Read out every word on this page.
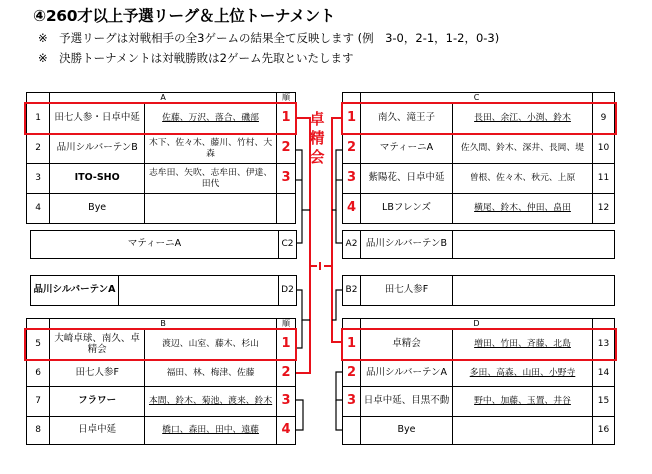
④260才以上予選リーグ＆上位トーナメント
※　予選リーグは対戦相手の全3ゲームの結果全て反映します (例　3-0，2-1，1-2，0-3)
※　決勝トーナメントは対戦勝敗は2ゲーム先取といたします
卓
精
会
	A		順
1	田七人参・日卓中延	佐藤、万沢、落合、磯部	1
2	品川シルバーテンB	木下、佐々木、藤川、竹村、大森	2
3	ITO-SHO	志牟田、矢吹、志牟田、伊達、田代	3
4	Bye		
	C		
1	南久、滝王子	長田、余江、小渕、鈴木	9
2	マティーニA	佐久間、鈴木、深井、長岡、堤	10
3	紫陽花、日卓中延	曽根、佐々木、秋元、上原	11
4	LBフレンズ	横尾、鈴木、仲田、畠田	12
マティーニA	C2	A2	品川シルバーテンB	
品川シルバーテンA		D2	B2	田七人参F	
	B		順
5	大崎卓球、南久、卓精会	渡辺、山室、藤木、杉山	1
6	田七人参F	福田、林、梅津、佐藤	2
7	フラワー	本間、鈴木、菊池、渡来、鈴木	3
8	日卓中延	橋口、森田、田中、遠藤	4
	D		
1	卓精会	増田、竹田、斉藤、北島	13
2	品川シルバーテンA	多田、高森、山田、小野寺	14
3	日卓中延、目黒不動	野中、加藤、玉置、井谷	15
	Bye		16
